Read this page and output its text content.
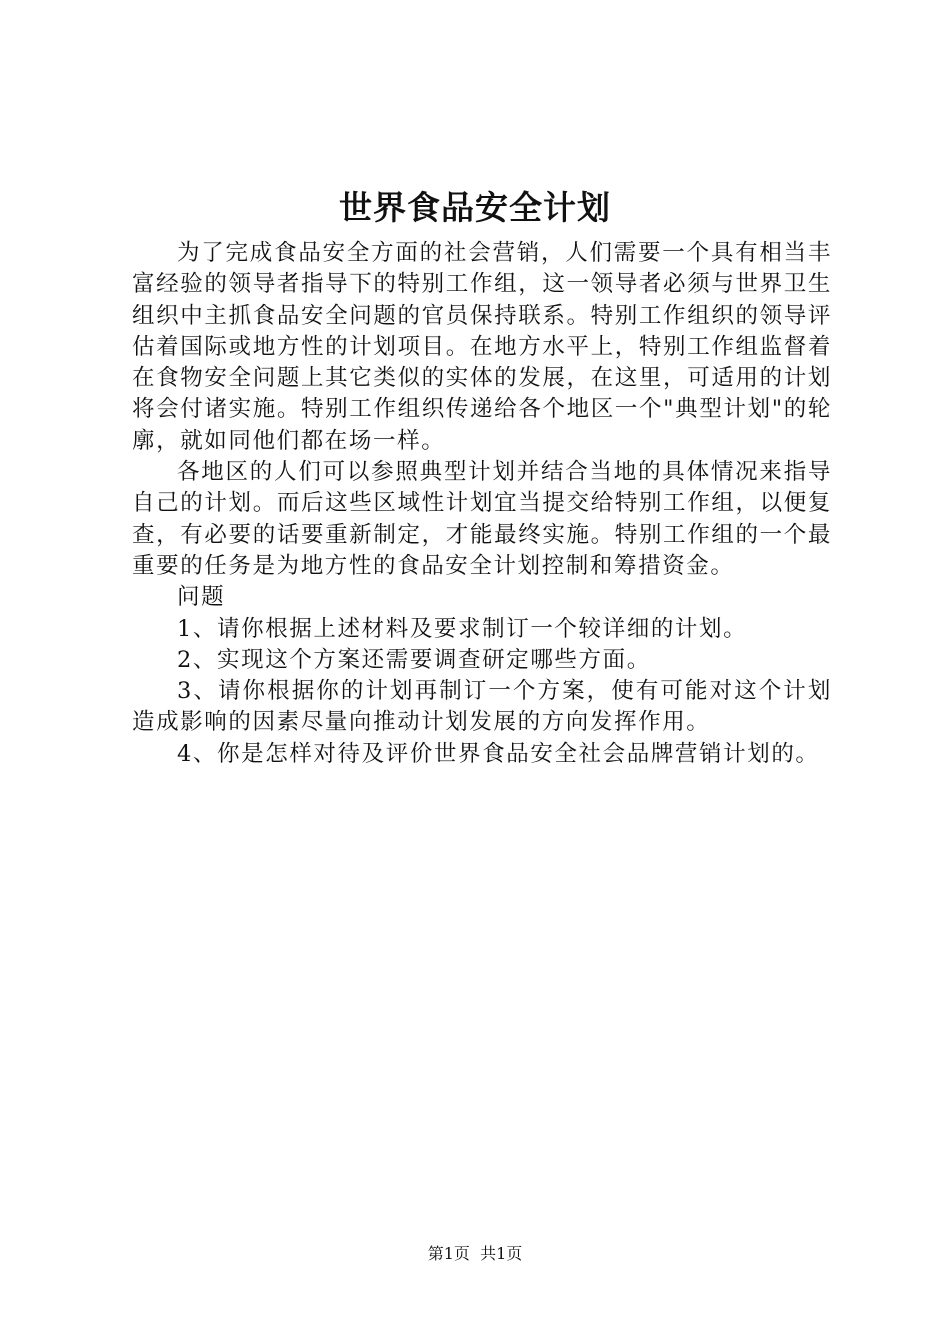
世界食品安全计划

为了完成食品安全方面的社会营销，人们需要一个具有相当丰富经验的领导者指导下的特别工作组，这一领导者必须与世界卫生组织中主抓食品安全问题的官员保持联系。特别工作组织的领导评估着国际或地方性的计划项目。在地方水平上，特别工作组监督着在食物安全问题上其它类似的实体的发展，在这里，可适用的计划将会付诸实施。特别工作组织传递给各个地区一个"典型计划"的轮廓，就如同他们都在场一样。

各地区的人们可以参照典型计划并结合当地的具体情况来指导自己的计划。而后这些区域性计划宜当提交给特别工作组，以便复查，有必要的话要重新制定，才能最终实施。特别工作组的一个最重要的任务是为地方性的食品安全计划控制和筹措资金。

问题

1、请你根据上述材料及要求制订一个较详细的计划。

2、实现这个方案还需要调查研定哪些方面。

3、请你根据你的计划再制订一个方案，使有可能对这个计划造成影响的因素尽量向推动计划发展的方向发挥作用。

4、你是怎样对待及评价世界食品安全社会品牌营销计划的。

第1页  共1页
